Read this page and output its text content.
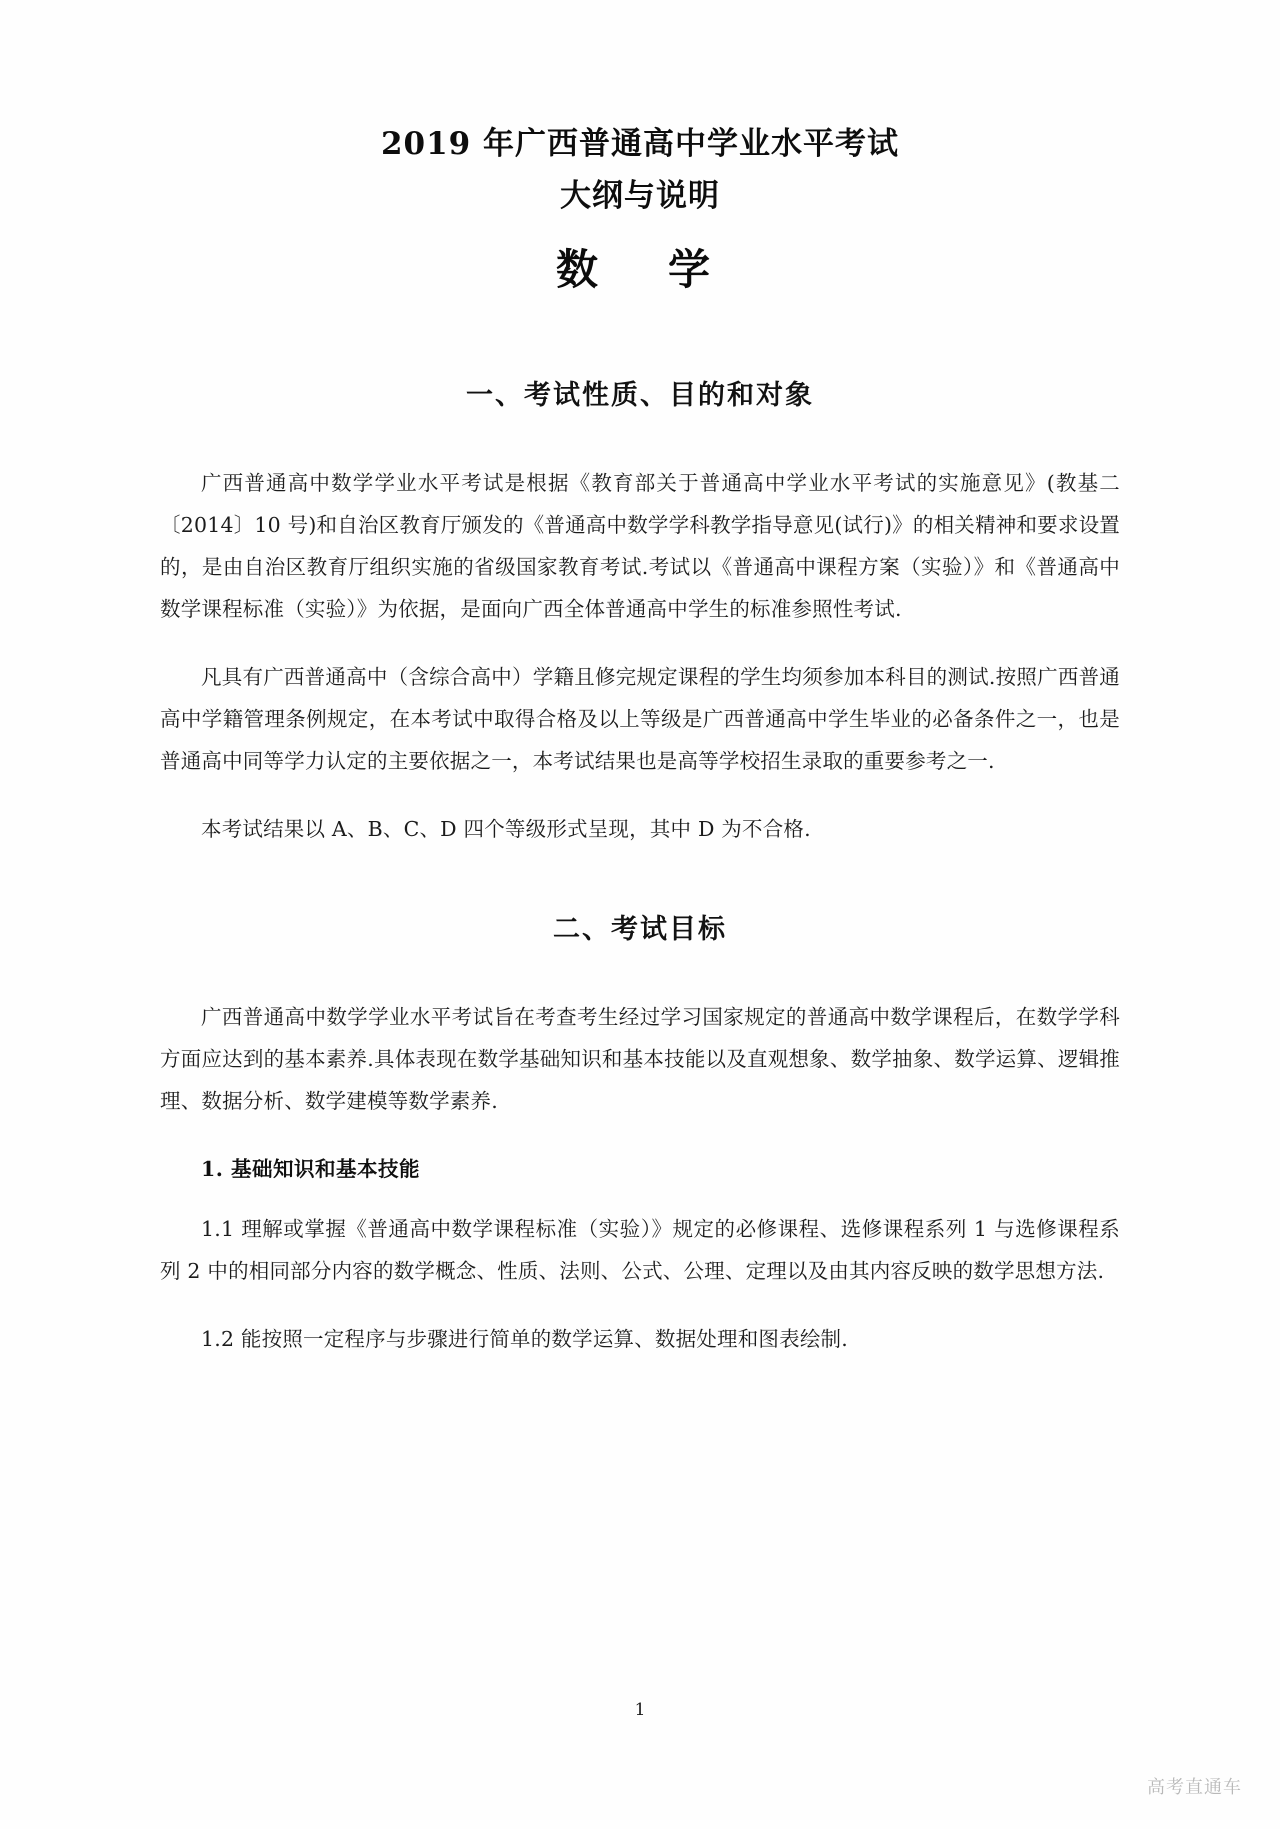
2019 年广西普通高中学业水平考试
大纲与说明
数　学
一、考试性质、目的和对象

广西普通高中数学学业水平考试是根据《教育部关于普通高中学业水平考试的实施意见》(教基二〔2014〕10 号)和自治区教育厅颁发的《普通高中数学学科教学指导意见(试行)》的相关精神和要求设置的，是由自治区教育厅组织实施的省级国家教育考试.考试以《普通高中课程方案（实验）》和《普通高中数学课程标准（实验）》为依据，是面向广西全体普通高中学生的标准参照性考试.

凡具有广西普通高中（含综合高中）学籍且修完规定课程的学生均须参加本科目的测试.按照广西普通高中学籍管理条例规定，在本考试中取得合格及以上等级是广西普通高中学生毕业的必备条件之一，也是普通高中同等学力认定的主要依据之一，本考试结果也是高等学校招生录取的重要参考之一.

本考试结果以 A、B、C、D 四个等级形式呈现，其中 D 为不合格.

二、考试目标

广西普通高中数学学业水平考试旨在考查考生经过学习国家规定的普通高中数学课程后，在数学学科方面应达到的基本素养.具体表现在数学基础知识和基本技能以及直观想象、数学抽象、数学运算、逻辑推理、数据分析、数学建模等数学素养.

1. 基础知识和基本技能

1.1 理解或掌握《普通高中数学课程标准（实验）》规定的必修课程、选修课程系列 1 与选修课程系列 2 中的相同部分内容的数学概念、性质、法则、公式、公理、定理以及由其内容反映的数学思想方法.

1.2 能按照一定程序与步骤进行简单的数学运算、数据处理和图表绘制.

1
高考直通车
